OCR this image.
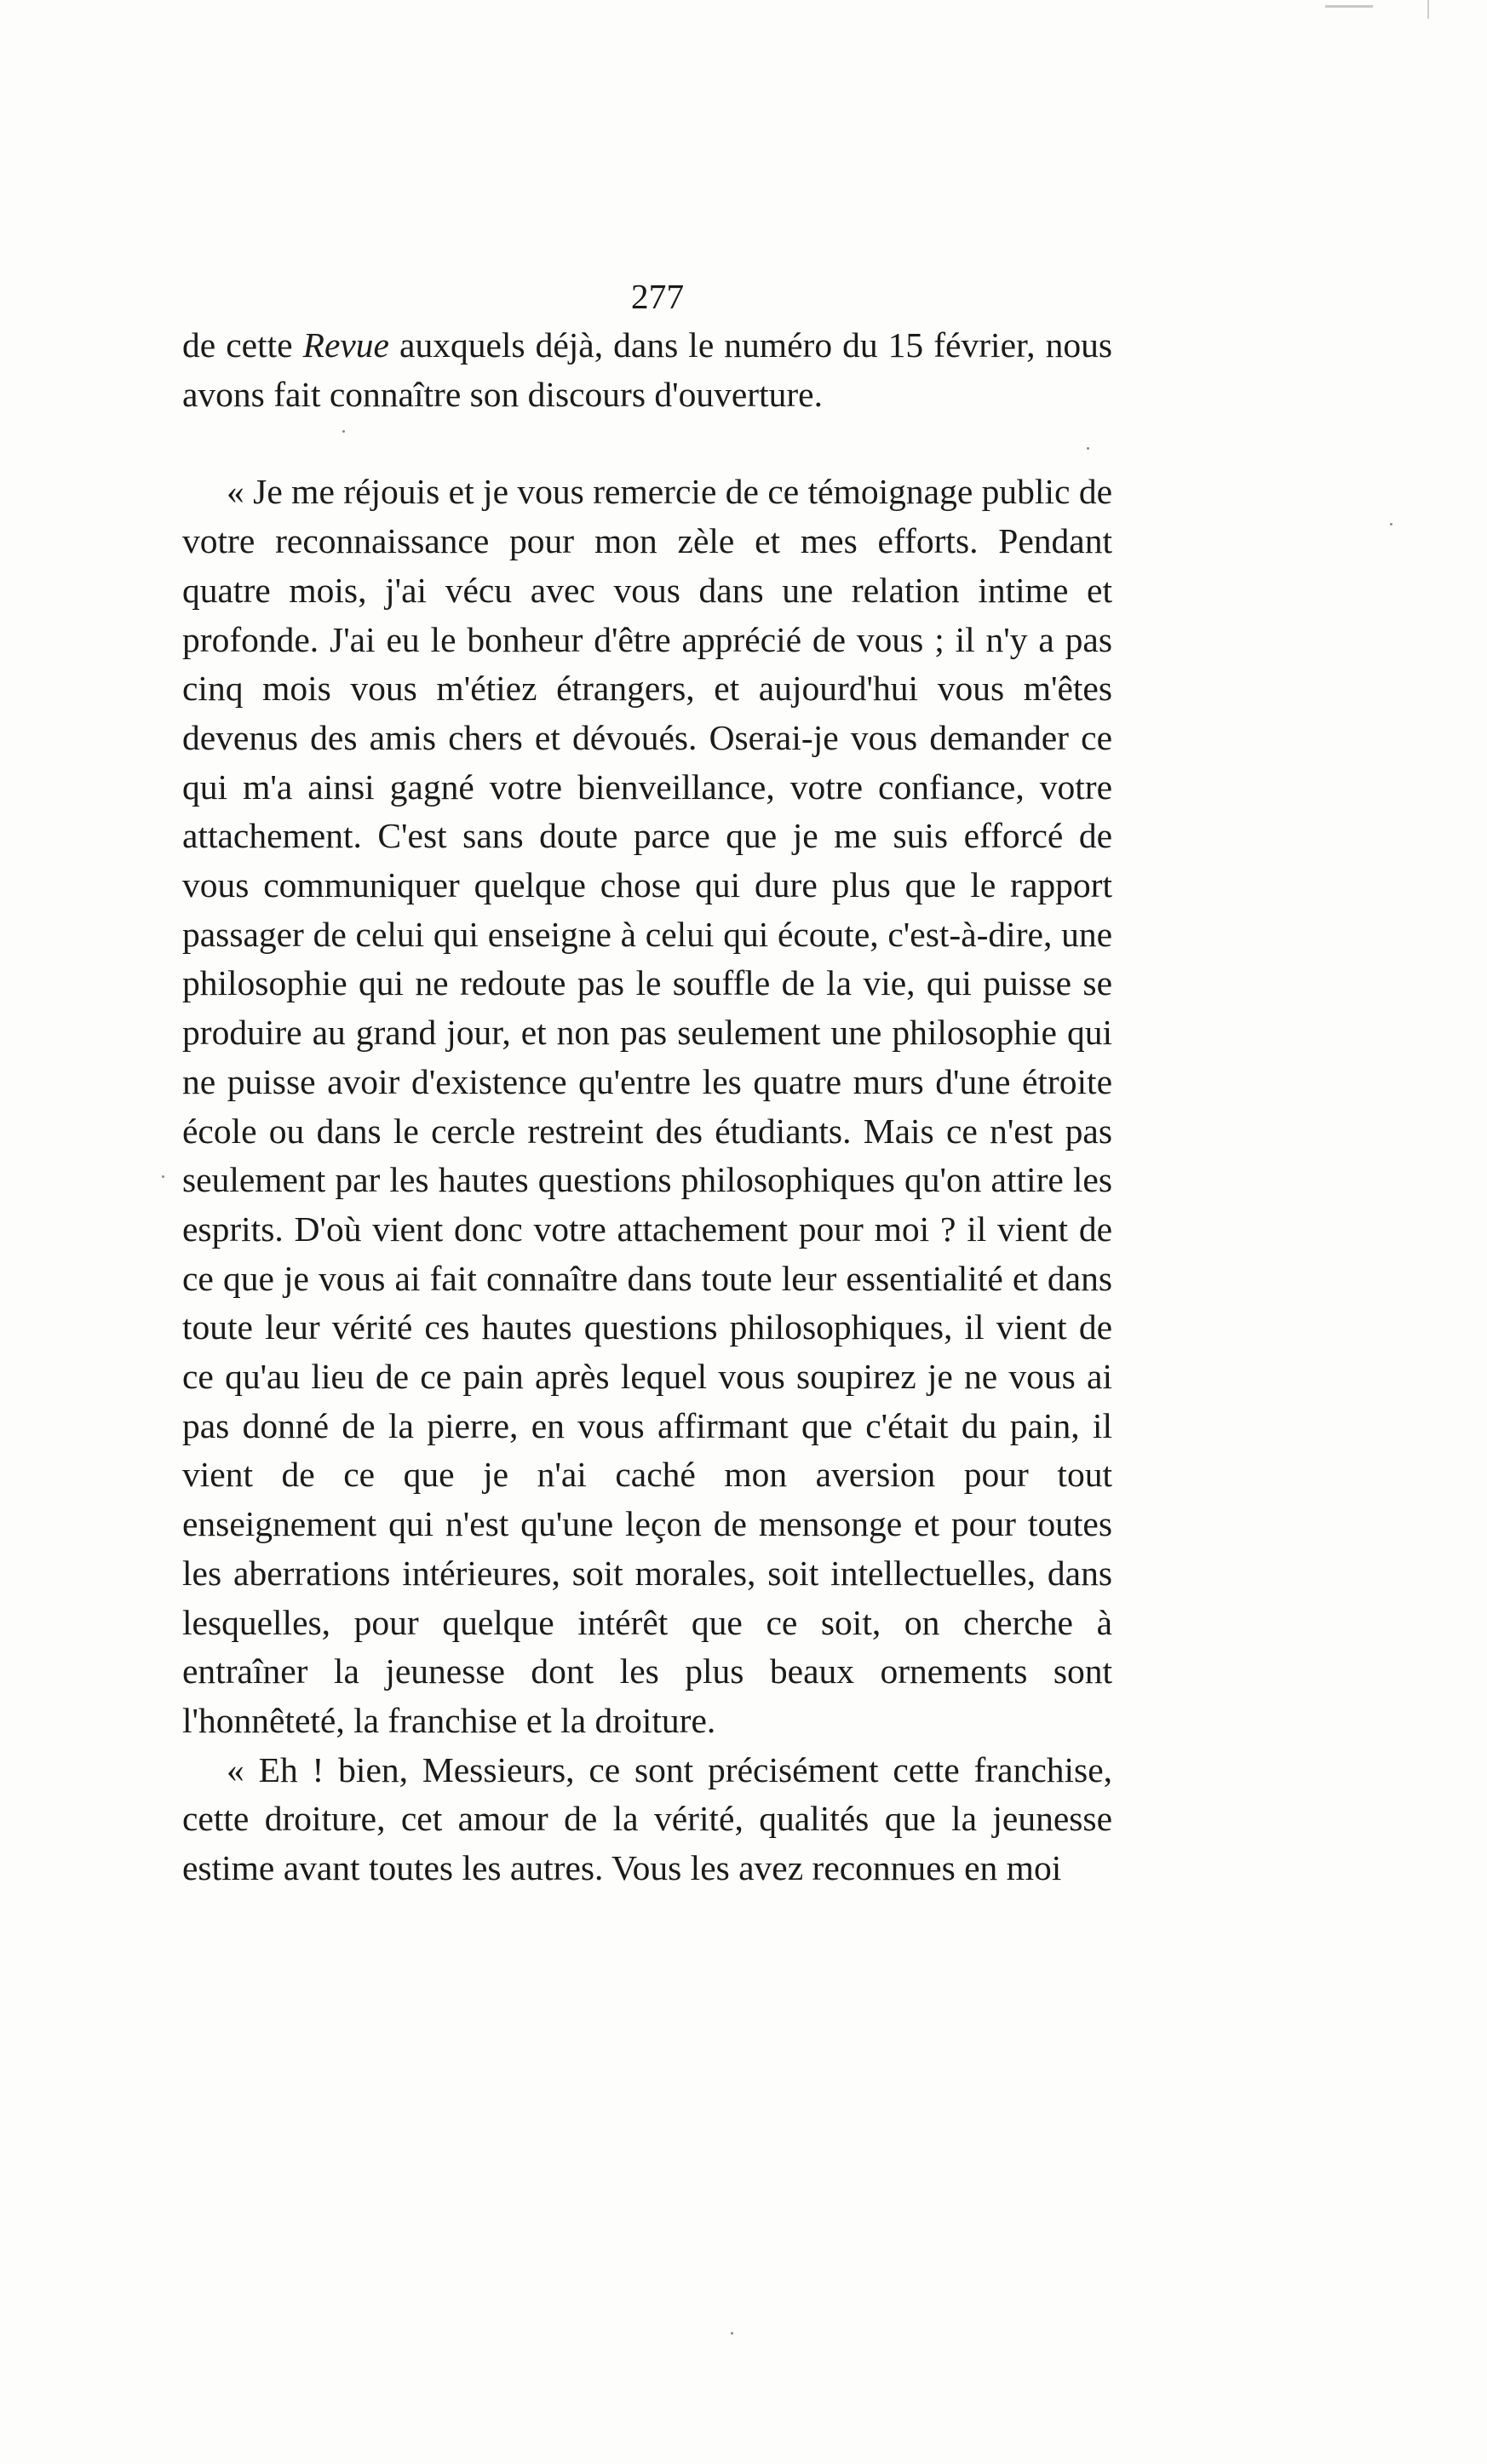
277

de cette Revue auxquels déjà, dans le numéro du 15 février, nous avons fait connaître son discours d'ouverture.

« Je me réjouis et je vous remercie de ce témoignage public de votre reconnaissance pour mon zèle et mes efforts. Pendant quatre mois, j'ai vécu avec vous dans une relation intime et profonde. J'ai eu le bonheur d'être apprécié de vous ; il n'y a pas cinq mois vous m'étiez étrangers, et aujourd'hui vous m'êtes devenus des amis chers et dévoués. Oserai-je vous demander ce qui m'a ainsi gagné votre bienveillance, votre confiance, votre attachement. C'est sans doute parce que je me suis efforcé de vous communiquer quelque chose qui dure plus que le rapport passager de celui qui enseigne à celui qui écoute, c'est-à-dire, une philosophie qui ne redoute pas le souffle de la vie, qui puisse se produire au grand jour, et non pas seulement une philosophie qui ne puisse avoir d'existence qu'entre les quatre murs d'une étroite école ou dans le cercle restreint des étudiants. Mais ce n'est pas seulement par les hautes questions philosophiques qu'on attire les esprits. D'où vient donc votre attachement pour moi ? il vient de ce que je vous ai fait connaître dans toute leur essentialité et dans toute leur vérité ces hautes questions philosophiques, il vient de ce qu'au lieu de ce pain après lequel vous soupirez je ne vous ai pas donné de la pierre, en vous affirmant que c'était du pain, il vient de ce que je n'ai caché mon aversion pour tout enseignement qui n'est qu'une leçon de mensonge et pour toutes les aberrations intérieures, soit morales, soit intellectuelles, dans lesquelles, pour quelque intérêt que ce soit, on cherche à entraîner la jeunesse dont les plus beaux ornements sont l'honnêteté, la franchise et la droiture.

« Eh ! bien, Messieurs, ce sont précisément cette franchise, cette droiture, cet amour de la vérité, qualités que la jeunesse estime avant toutes les autres. Vous les avez reconnues en moi
